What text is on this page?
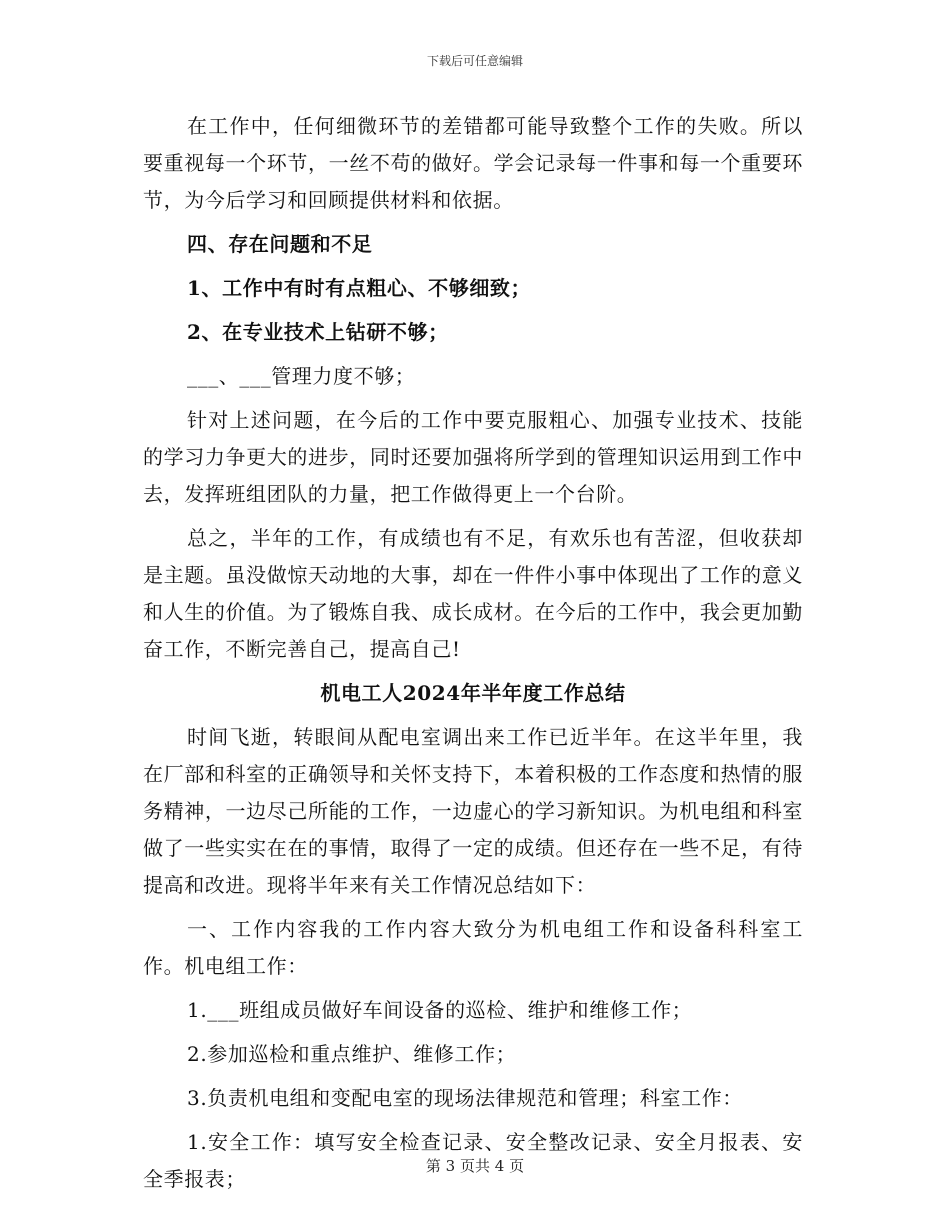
下载后可任意编辑

在工作中，任何细微环节的差错都可能导致整个工作的失败。所以要重视每一个环节，一丝不苟的做好。学会记录每一件事和每一个重要环节，为今后学习和回顾提供材料和依据。

四、存在问题和不足

1、工作中有时有点粗心、不够细致；

2、在专业技术上钻研不够；

___、___管理力度不够；

针对上述问题，在今后的工作中要克服粗心、加强专业技术、技能的学习力争更大的进步，同时还要加强将所学到的管理知识运用到工作中去，发挥班组团队的力量，把工作做得更上一个台阶。

总之，半年的工作，有成绩也有不足，有欢乐也有苦涩，但收获却是主题。虽没做惊天动地的大事，却在一件件小事中体现出了工作的意义和人生的价值。为了锻炼自我、成长成材。在今后的工作中，我会更加勤奋工作，不断完善自己，提高自己!

机电工人2024年半年度工作总结

时间飞逝，转眼间从配电室调出来工作已近半年。在这半年里，我在厂部和科室的正确领导和关怀支持下，本着积极的工作态度和热情的服务精神，一边尽己所能的工作，一边虚心的学习新知识。为机电组和科室做了一些实实在在的事情，取得了一定的成绩。但还存在一些不足，有待提高和改进。现将半年来有关工作情况总结如下：

一、工作内容我的工作内容大致分为机电组工作和设备科科室工作。机电组工作：

1.___班组成员做好车间设备的巡检、维护和维修工作；

2.参加巡检和重点维护、维修工作；

3.负责机电组和变配电室的现场法律规范和管理；科室工作：

1.安全工作：填写安全检查记录、安全整改记录、安全月报表、安全季报表；

第 3 页共 4 页
